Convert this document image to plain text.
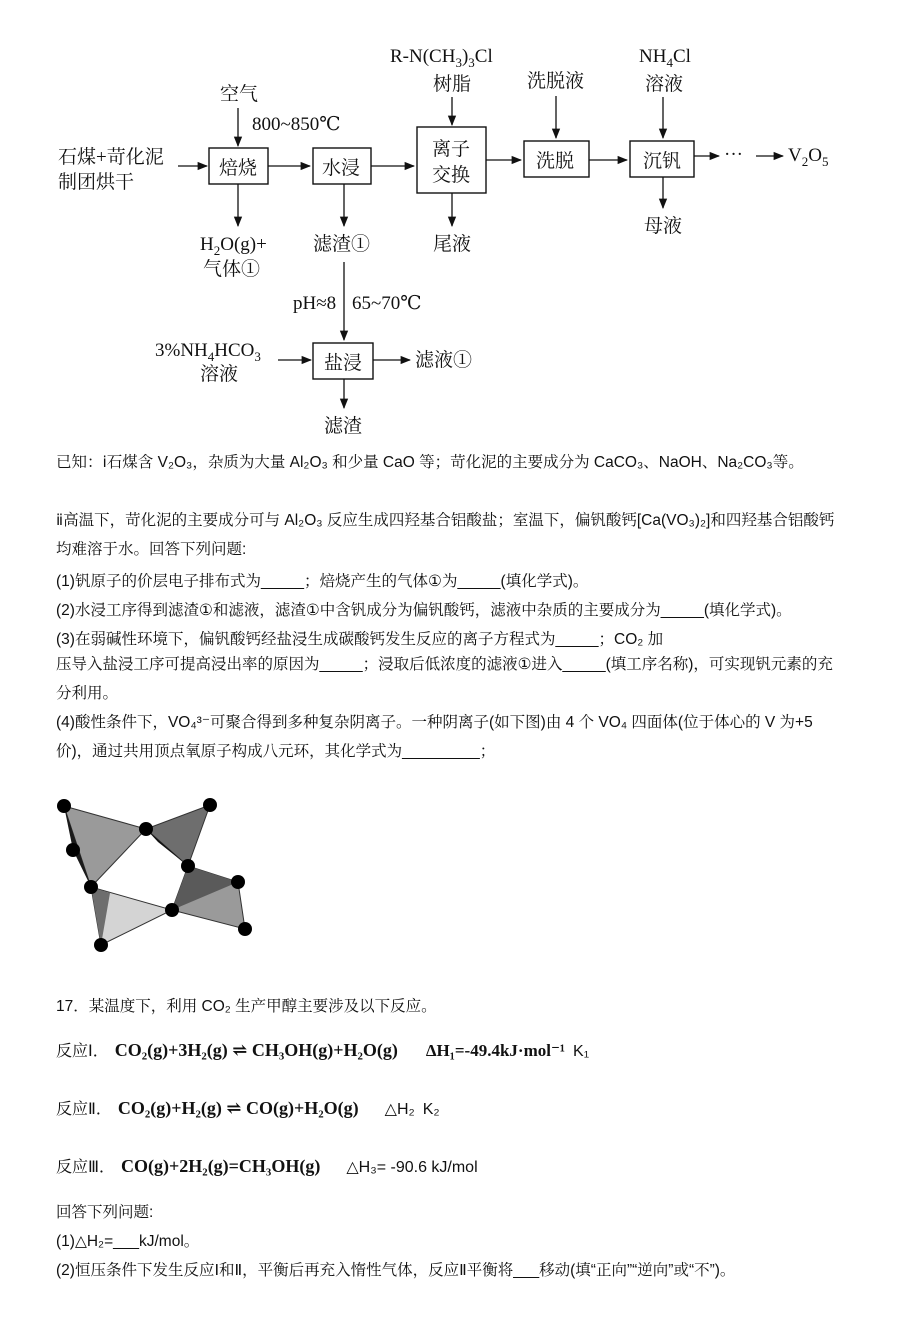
石煤+苛化泥
制团烘干
空气
800~850℃
焙烧
$H_2O(g)+$
气体①
水浸
滤渣①
$R-N(CH_3)_3Cl$
树脂
离子
交换
尾液
洗脱液
洗脱
$NH_4Cl$
溶液
沉钒
母液
··· $V_2O_5$
pH≈8 65~70℃
$3\%NH_4HCO_3$
溶液
盐浸	滤液①
滤渣
已知：ⅰ石煤含 V₂O₃，杂质为大量 Al₂O₃ 和少量 CaO 等；苛化泥的主要成分为 CaCO₃、NaOH、Na₂CO₃等。
ⅱ高温下，苛化泥的主要成分可与 Al₂O₃ 反应生成四羟基合铝酸盐；室温下，偏钒酸钙[Ca(VO₃)₂]和四羟基合铝酸钙均难溶于水。回答下列问题:
(1)钒原子的价层电子排布式为_____；焙烧产生的气体①为_____(填化学式)。
(2)水浸工序得到滤渣①和滤液，滤渣①中含钒成分为偏钒酸钙，滤液中杂质的主要成分为_____(填化学式)。
(3)在弱碱性环境下，偏钒酸钙经盐浸生成碳酸钙发生反应的离子方程式为_____；CO₂ 加
压导入盐浸工序可提高浸出率的原因为_____；浸取后低浓度的滤液①进入_____(填工序名称)，可实现钒元素的充分利用。
(4)酸性条件下，VO₄³⁻可聚合得到多种复杂阴离子。一种阴离子(如下图)由 4 个 VO₄ 四面体(位于体心的 V 为+5 价)，通过共用顶点氧原子构成八元环，其化学式为_________；
17．某温度下，利用 CO₂ 生产甲醇主要涉及以下反应。
反应Ⅰ． CO₂(g)+3H₂(g) ⇌ CH₃OH(g)+H₂O(g) ΔH₁=-49.4kJ·mol⁻¹ K₁
反应Ⅱ． CO₂(g)+H₂(g) ⇌ CO(g)+H₂O(g) △H₂ K₂
反应Ⅲ． CO(g)+2H₂(g)=CH₃OH(g) △H₃= -90.6 kJ/mol
回答下列问题:
(1)△H₂=___kJ/mol。
(2)恒压条件下发生反应Ⅰ和Ⅱ，平衡后再充入惰性气体，反应Ⅱ平衡将___移动(填“正向”“逆向”或“不”)。
